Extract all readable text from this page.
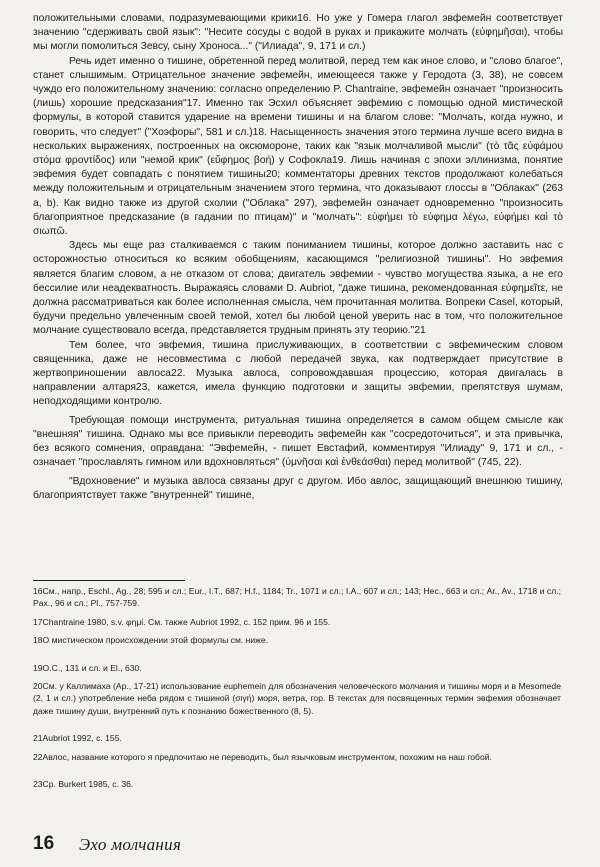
положительными словами, подразумевающими крики16. Но уже у Гомера глагол эвфемейн соответствует значению "сдерживать свой язык": "Несите сосуды с водой в руках и прикажите молчать (εὐφημῆσαι), чтобы мы могли помолиться Зевсу, сыну Хроноса..." ("Илиада", 9, 171 и сл.)

Речь идет именно о тишине, обретенной перед молитвой, перед тем как иное слово, и "слово благое", станет слышимым. Отрицательное значение эвфемейн, имеющееся также у Геродота (3, 38), не совсем чуждо его положительному значению: согласно определению P. Chantraine, эвфемейн означает "произносить (лишь) хорошие предсказания"17. Именно так Эсхил объясняет эвфемию с помощью одной мистической формулы, в которой ставится ударение на времени тишины и на благом слове: "Молчать, когда нужно, и говорить, что следует" ("Хоэфоры", 581 и сл.)18. Насыщенность значения этого термина лучше всего видна в нескольких выражениях, построенных на оксюмороне, таких как "язык молчаливой мысли" (τὸ τᾶς εὐφάμου στόμα φροντίδος) или "немой крик" (εὔφημος βοή) у Софокла19. Лишь начиная с эпохи эллинизма, понятие эвфемия будет совпадать с понятием тишины20; комментаторы древних текстов продолжают колебаться между положительным и отрицательным значением этого термина, что доказывают глоссы в "Облаках" (263 a, b). Как видно также из другой схолии ("Облака" 297), эвфемейн означает одновременно "произносить благоприятное предсказание (в гадании по птицам)" и "молчать": εὐφήμει τὸ εὐφημα λέγω, εὐφήμει καὶ τὸ σιωπῶ.

Здесь мы еще раз сталкиваемся с таким пониманием тишины, которое должно заставить нас с осторожностью относиться ко всяким обобщениям, касающимся "религиозной тишины". Но эвфемия является благим словом, а не отказом от слова; двигатель эвфемии - чувство могущества языка, а не его бессилие или неадекватность. Выражаясь словами D. Aubriot, "даже тишина, рекомендованная εὐφημεῖτε, не должна рассматриваться как более исполненная смысла, чем прочитанная молитва. Вопреки Casel, который, будучи предельно увлеченным своей темой, хотел бы любой ценой уверить нас в том, что положительное молчание существовало всегда, представляется трудным принять эту теорию."21

Тем более, что эвфемия, тишина прислуживающих, в соответствии с эвфемическим словом священника, даже не несовместима с любой передачей звука, как подтверждает присутствие в жертвоприношении авлоса22. Музыка авлоса, сопровождавшая процессию, которая двигалась в направлении алтаря23, кажется, имела функцию подготовки и защиты эвфемии, препятствуя шумам, неподходящими контролю.

Требующая помощи инструмента, ритуальная тишина определяется в самом общем смысле как "внешняя" тишина. Однако мы все привыкли переводить эвфемейн как "сосредоточиться", и эта привычка, без всякого сомнения, оправдана: "Эвфемейн, - пишет Евстафий, комментируя "Илиаду" 9, 171 и сл., - означает "прославлять гимном или вдохновляться" (ὑμνῆσαι καὶ ἐνθεάσθαι) перед молитвой" (745, 22).

"Вдохновение" и музыка авлоса связаны друг с другом. Ибо авлос, защищающий внешнюю тишину, благоприятствует также "внутренней" тишине,

16См., напр., Eschl., Ag., 28; 595 и сл.; Eur., I.T., 687; H.f., 1184; Tr., 1071 и сл.; I.A., 607 и сл.; 143; Hec., 663 и сл.; Ar., Av., 1718 и сл.; Pax., 96 и сл.; Pl., 757-759.

17Chantraine 1980, s.v. φημί. См. также Aubriot 1992, с. 152 прим. 96 и 155.

18О мистическом происхождении этой формулы см. ниже.

19O.C., 131 и сл. и El., 630.

20См. у Каллимаха (Ap., 17-21) использование euphemein для обозначения человеческого молчания и тишины моря и в Mesomede (2, 1 и сл.) употребление неба рядом с тишиной (σιγή) моря, ветра, гор. В текстах для посвященных термин эвфемия обозначает даже тишину души, внутренний путь к познанию божественного (8, 5).

21Aubriot 1992, с. 155.

22Авлос, название которого я предпочитаю не переводить, был язычковым инструментом, похожим на наш гобой.

23Ср. Burkert 1985, с. 36.

16 Эхо молчания
